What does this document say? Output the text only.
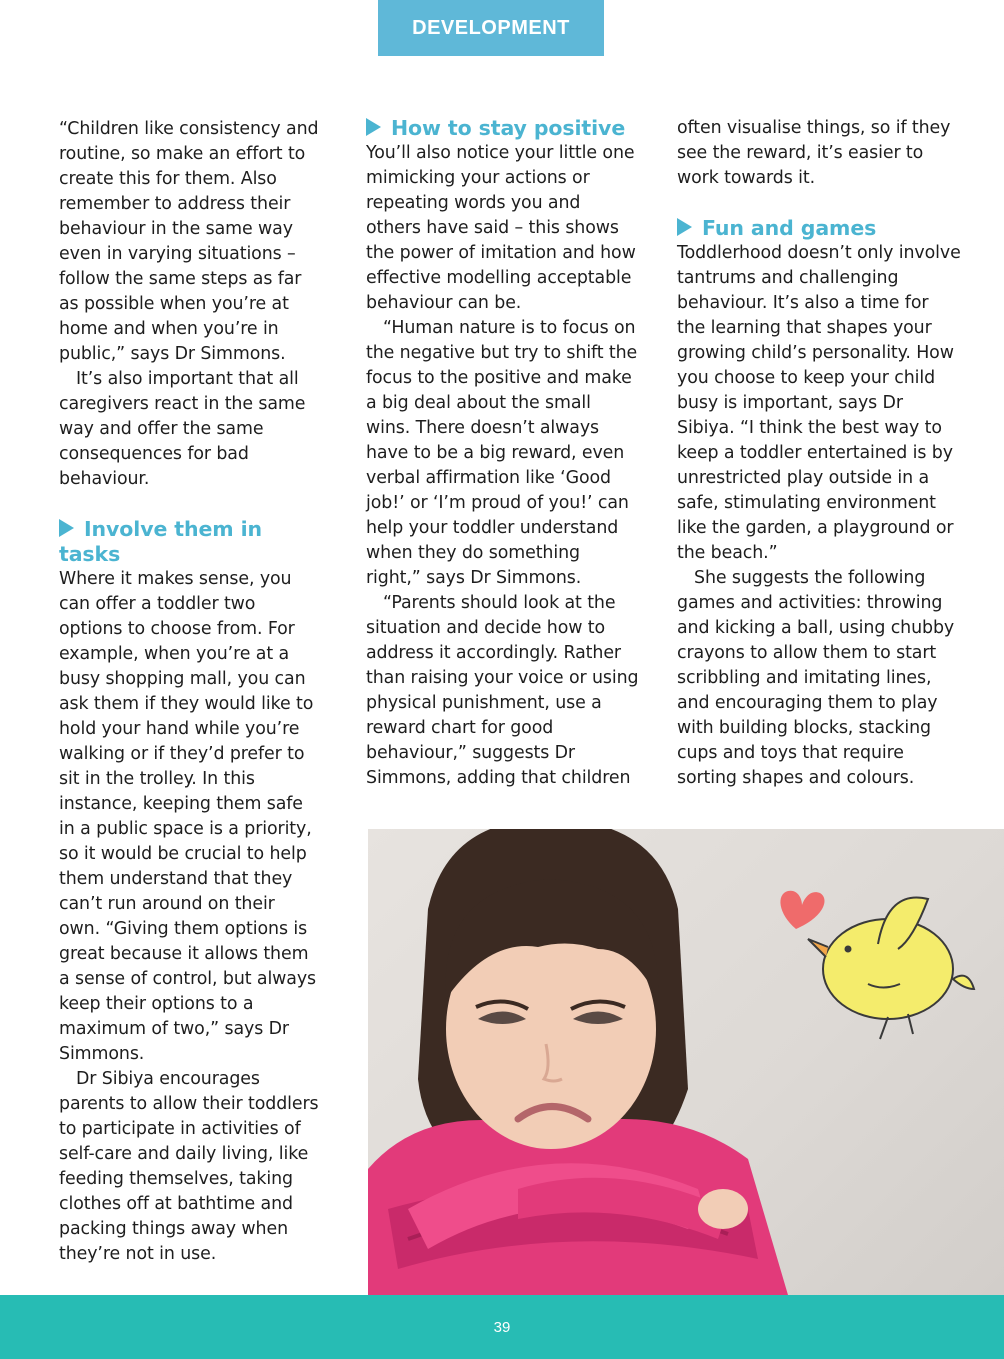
DEVELOPMENT

“Children like consistency and routine, so make an effort to create this for them. Also remember to address their behaviour in the same way even in varying situations – follow the same steps as far as possible when you’re at home and when you’re in public,” says Dr Simmons.

It’s also important that all caregivers react in the same way and offer the same consequences for bad behaviour.

Involve them in tasks

Where it makes sense, you can offer a toddler two options to choose from. For example, when you’re at a busy shopping mall, you can ask them if they would like to hold your hand while you’re walking or if they’d prefer to sit in the trolley. In this instance, keeping them safe in a public space is a priority, so it would be crucial to help them understand that they can’t run around on their own. “Giving them options is great because it allows them a sense of control, but always keep their options to a maximum of two,” says Dr Simmons.

Dr Sibiya encourages parents to allow their toddlers to participate in activities of self-care and daily living, like feeding themselves, taking clothes off at bathtime and packing things away when they’re not in use.

How to stay positive

You’ll also notice your little one mimicking your actions or repeating words you and others have said – this shows the power of imitation and how effective modelling acceptable behaviour can be.

“Human nature is to focus on the negative but try to shift the focus to the positive and make a big deal about the small wins. There doesn’t always have to be a big reward, even verbal affirmation like ‘Good job!’ or ‘I’m proud of you!’ can help your toddler understand when they do something right,” says Dr Simmons.

“Parents should look at the situation and decide how to address it accordingly. Rather than raising your voice or using physical punishment, use a reward chart for good behaviour,” suggests Dr Simmons, adding that children

often visualise things, so if they see the reward, it’s easier to work towards it.

Fun and games

Toddlerhood doesn’t only involve tantrums and challenging behaviour. It’s also a time for the learning that shapes your growing child’s personality. How you choose to keep your child busy is important, says Dr Sibiya. “I think the best way to keep a toddler entertained is by unrestricted play outside in a safe, stimulating environment like the garden, a playground or the beach.”

She suggests the following games and activities: throwing and kicking a ball, using chubby crayons to allow them to start scribbling and imitating lines, and encouraging them to play with building blocks, stacking cups and toys that require sorting shapes and colours.

39
